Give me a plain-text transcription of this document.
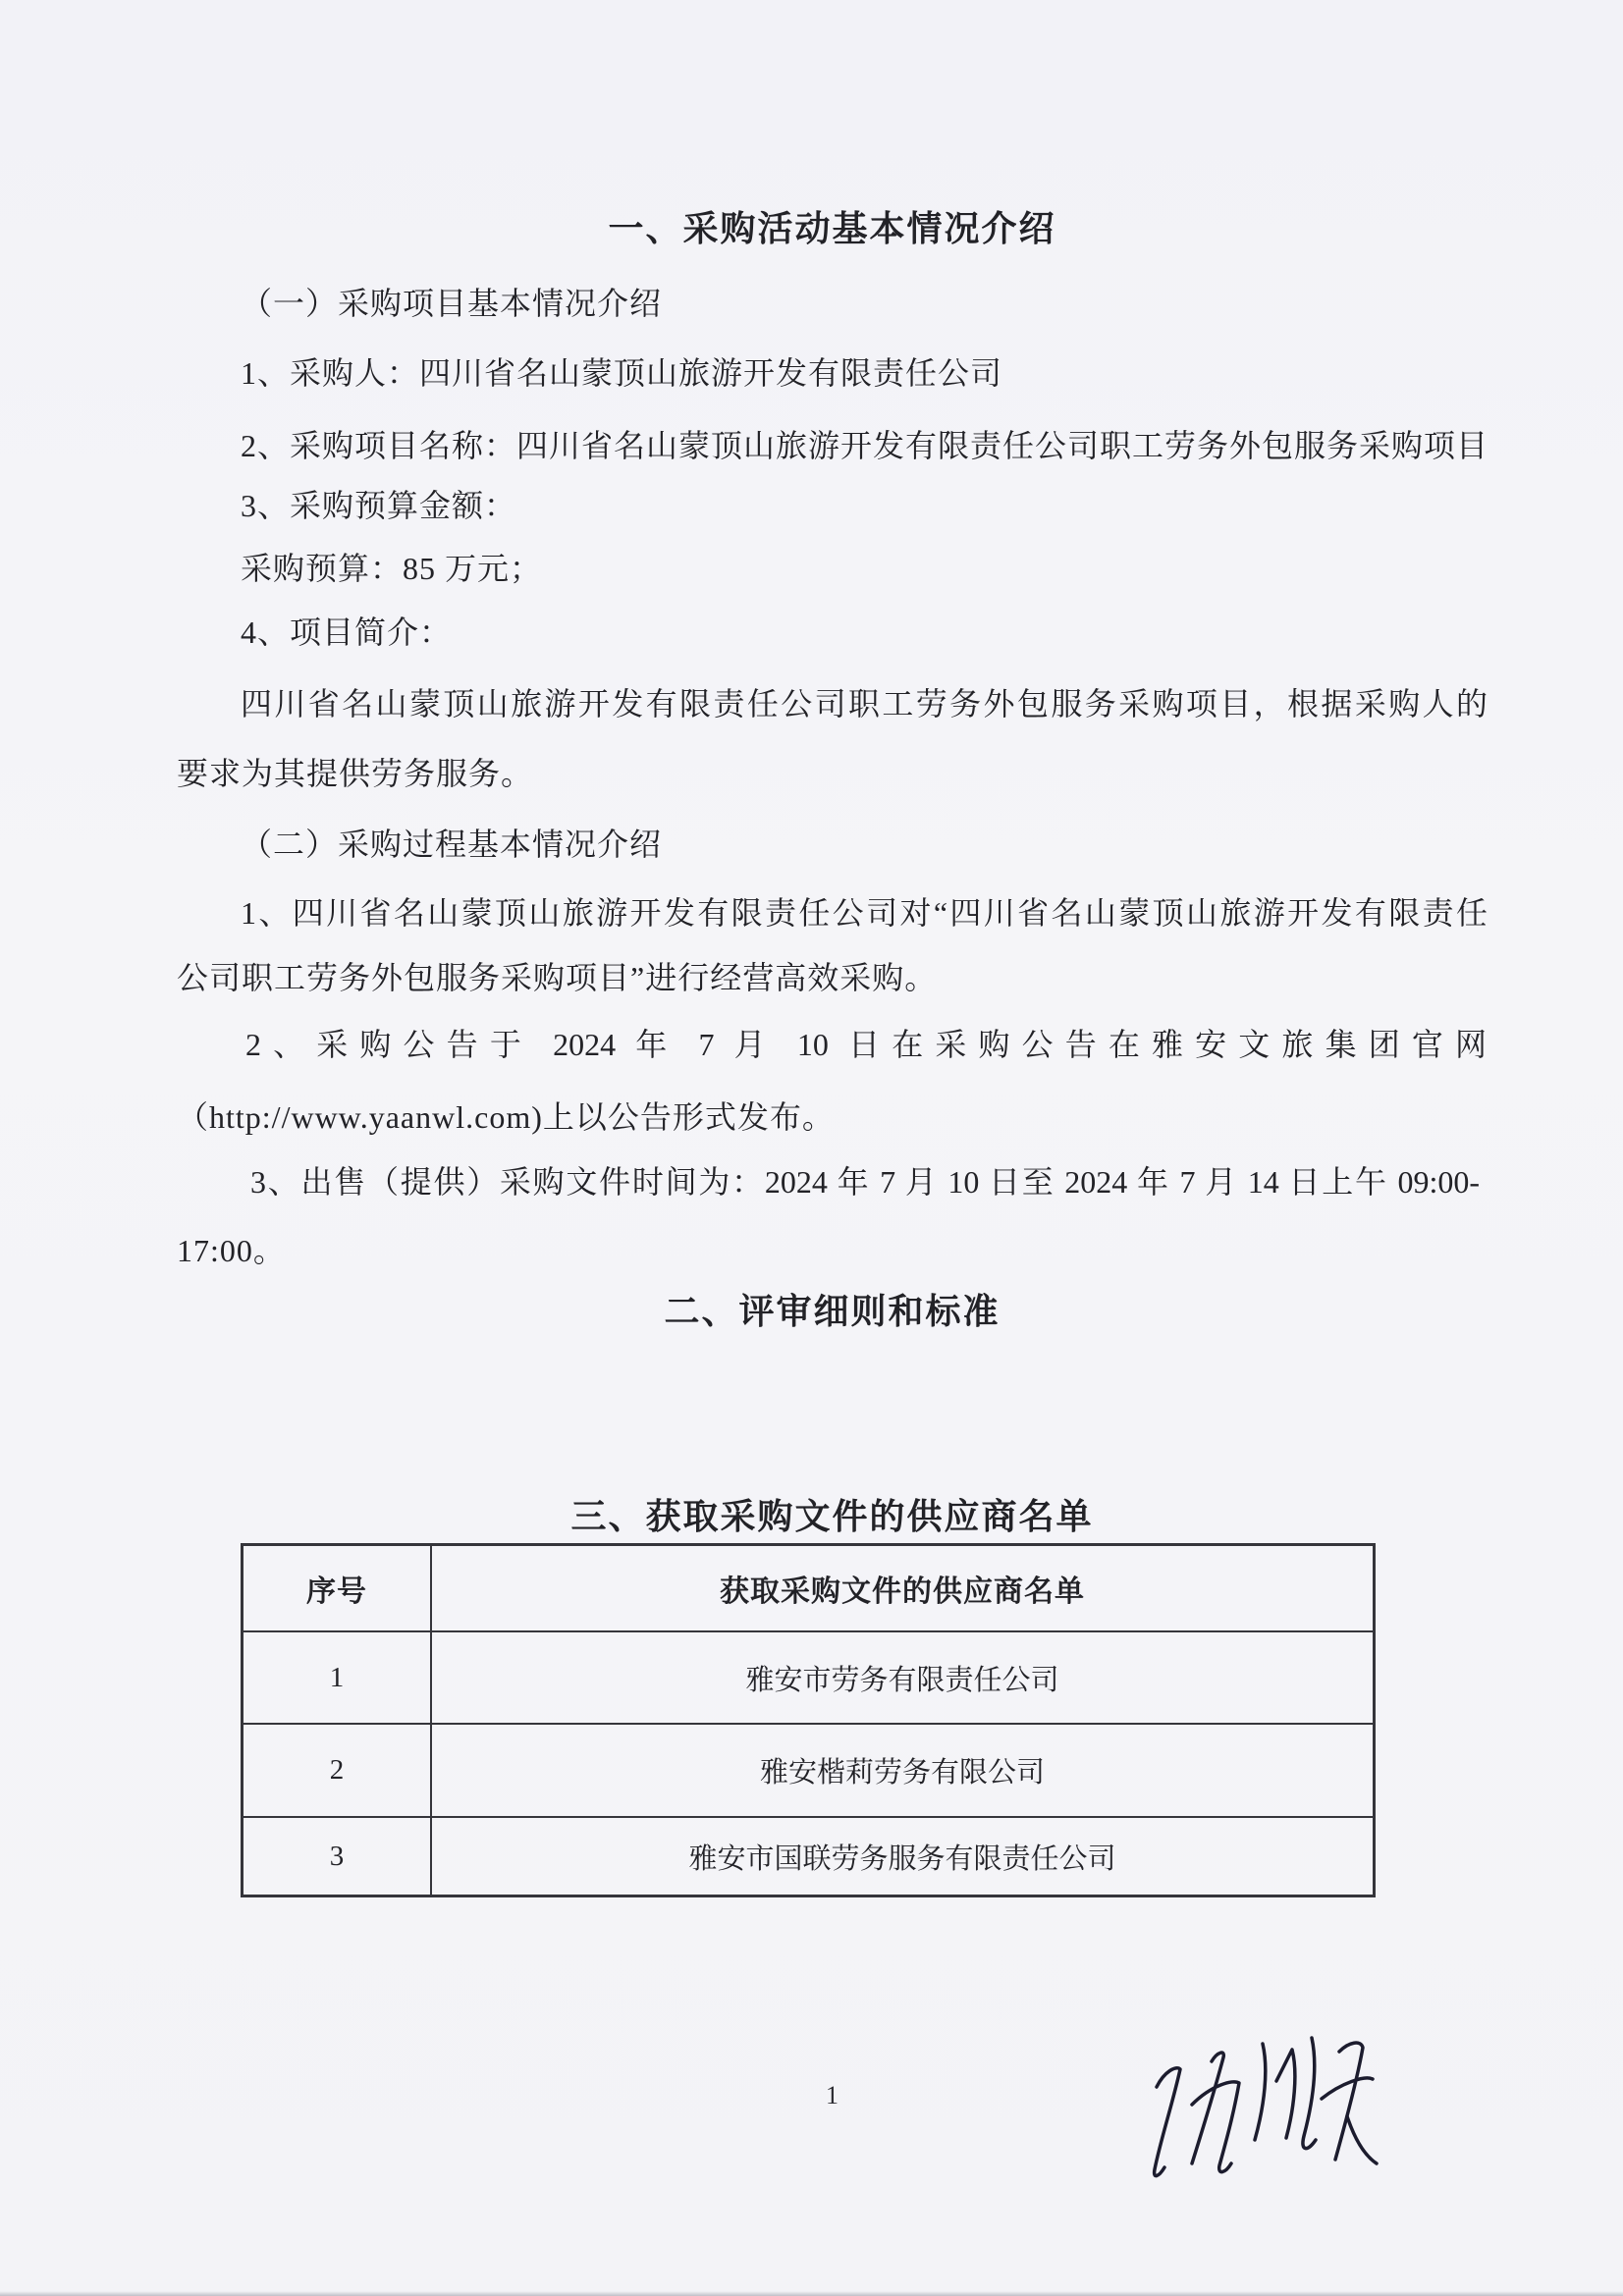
一、采购活动基本情况介绍
（一）采购项目基本情况介绍
1、采购人：四川省名山蒙顶山旅游开发有限责任公司
2、采购项目名称：四川省名山蒙顶山旅游开发有限责任公司职工劳务外包服务采购项目
3、采购预算金额：
采购预算：85 万元；
4、项目简介：
四川省名山蒙顶山旅游开发有限责任公司职工劳务外包服务采购项目，根据采购人的
要求为其提供劳务服务。
（二）采购过程基本情况介绍
1、四川省名山蒙顶山旅游开发有限责任公司对“四川省名山蒙顶山旅游开发有限责任
公司职工劳务外包服务采购项目”进行经营高效采购。
2、采购公告于 2024 年 7 月 10 日在采购公告在雅安文旅集团官网
（http://www.yaanwl.com)上以公告形式发布。
3、出售（提供）采购文件时间为：2024 年 7 月 10 日至 2024 年 7 月 14 日上午 09:00-
17:00。
二、评审细则和标准
三、获取采购文件的供应商名单
序号	获取采购文件的供应商名单
1	雅安市劳务有限责任公司
2	雅安楷莉劳务有限公司
3	雅安市国联劳务服务有限责任公司
1
